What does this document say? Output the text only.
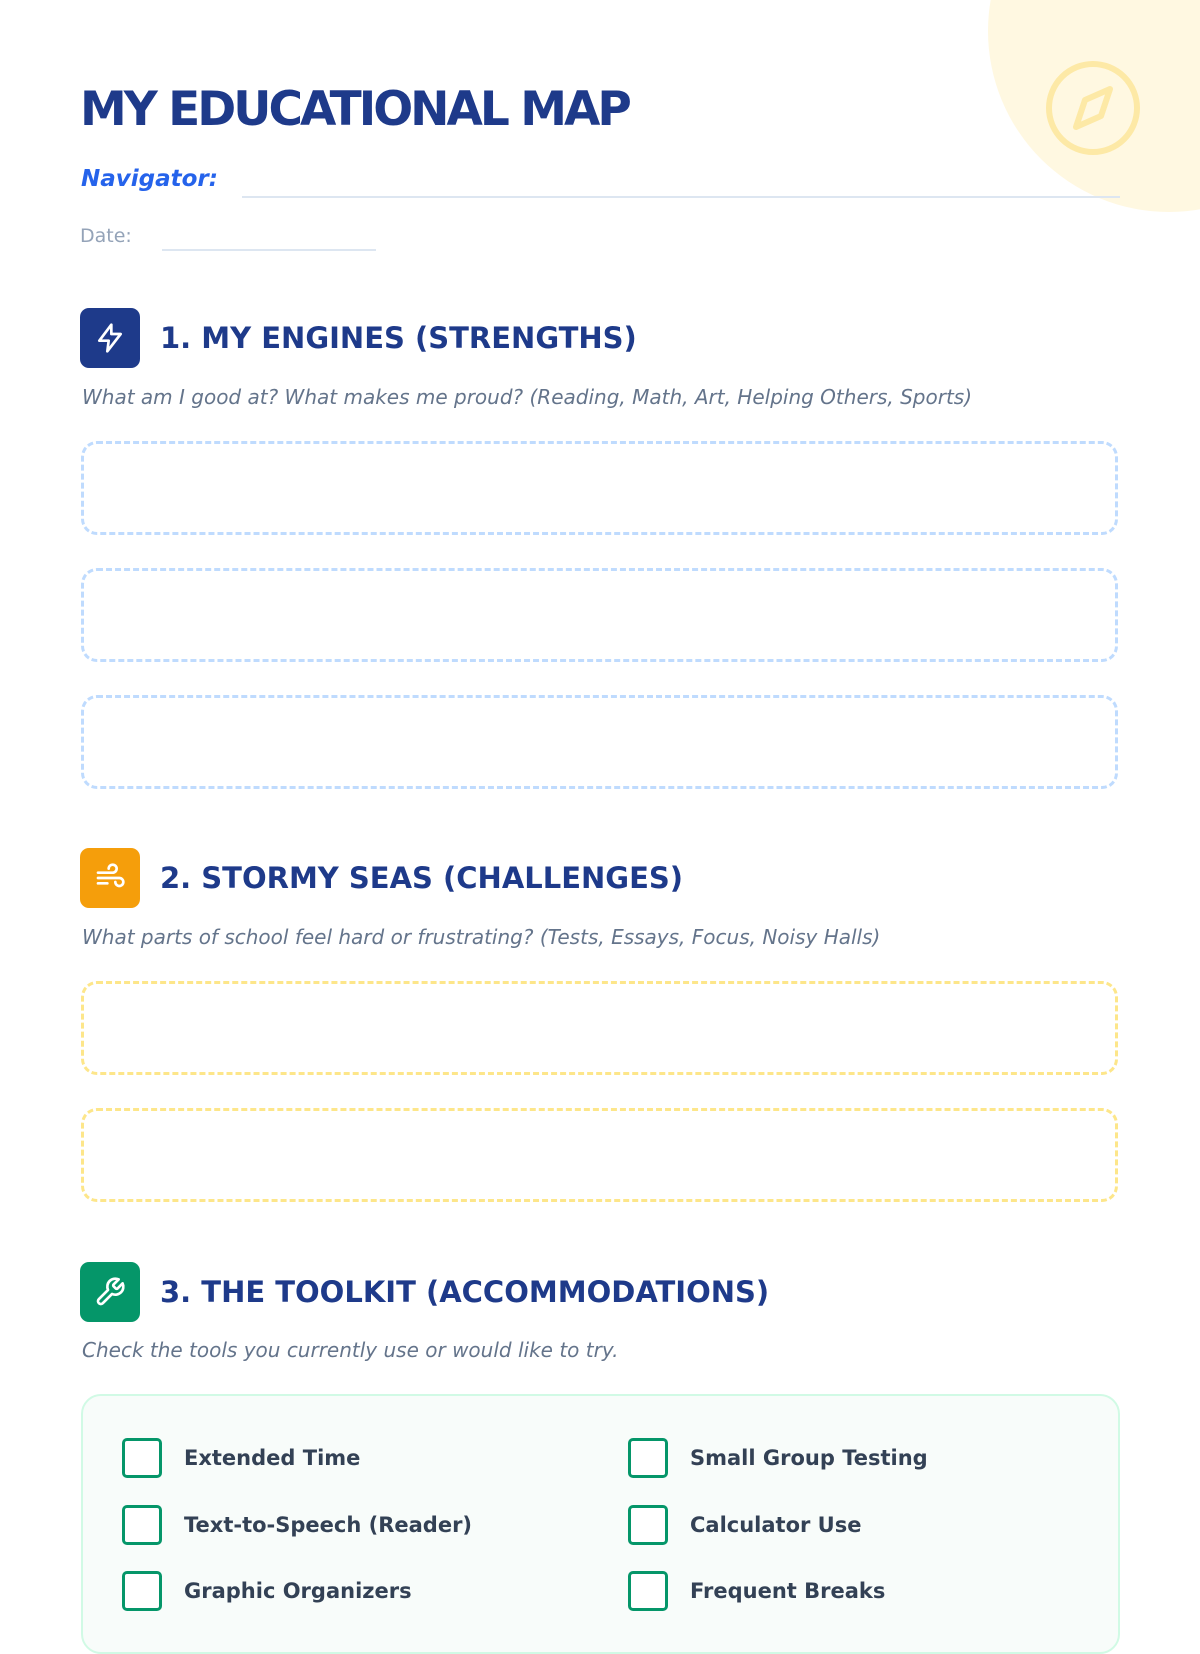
MY EDUCATIONAL MAP
Navigator:
Date:
1. MY ENGINES (STRENGTHS)

What am I good at? What makes me proud? (Reading, Math, Art, Helping Others, Sports)

2. STORMY SEAS (CHALLENGES)

What parts of school feel hard or frustrating? (Tests, Essays, Focus, Noisy Halls)

3. THE TOOLKIT (ACCOMMODATIONS)

Check the tools you currently use or would like to try.

Extended Time	Small Group Testing
Text-to-Speech (Reader)	Calculator Use
Graphic Organizers	Frequent Breaks
